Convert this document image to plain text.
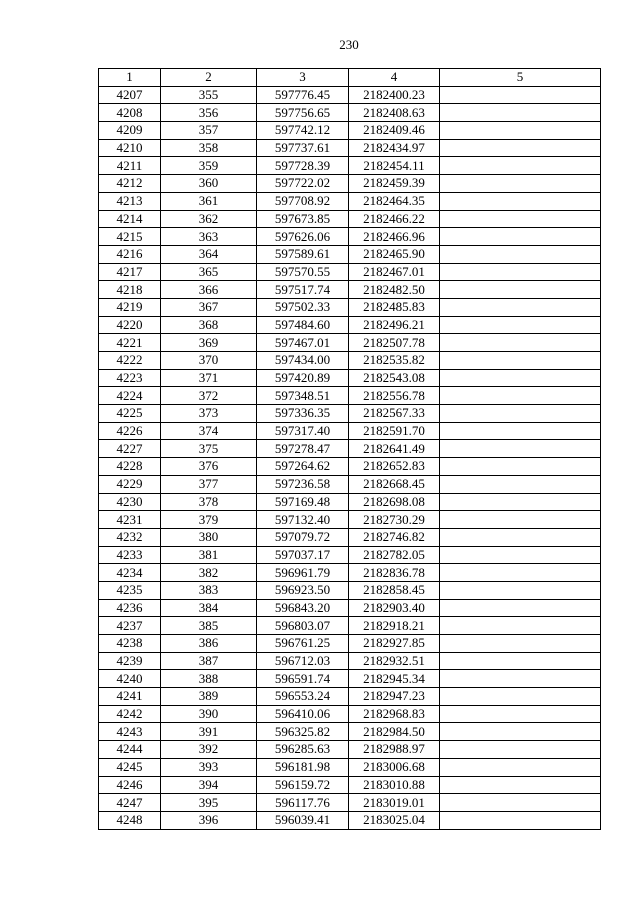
230
1	2	3	4	5
4207	355	597776.45	2182400.23	
4208	356	597756.65	2182408.63	
4209	357	597742.12	2182409.46	
4210	358	597737.61	2182434.97	
4211	359	597728.39	2182454.11	
4212	360	597722.02	2182459.39	
4213	361	597708.92	2182464.35	
4214	362	597673.85	2182466.22	
4215	363	597626.06	2182466.96	
4216	364	597589.61	2182465.90	
4217	365	597570.55	2182467.01	
4218	366	597517.74	2182482.50	
4219	367	597502.33	2182485.83	
4220	368	597484.60	2182496.21	
4221	369	597467.01	2182507.78	
4222	370	597434.00	2182535.82	
4223	371	597420.89	2182543.08	
4224	372	597348.51	2182556.78	
4225	373	597336.35	2182567.33	
4226	374	597317.40	2182591.70	
4227	375	597278.47	2182641.49	
4228	376	597264.62	2182652.83	
4229	377	597236.58	2182668.45	
4230	378	597169.48	2182698.08	
4231	379	597132.40	2182730.29	
4232	380	597079.72	2182746.82	
4233	381	597037.17	2182782.05	
4234	382	596961.79	2182836.78	
4235	383	596923.50	2182858.45	
4236	384	596843.20	2182903.40	
4237	385	596803.07	2182918.21	
4238	386	596761.25	2182927.85	
4239	387	596712.03	2182932.51	
4240	388	596591.74	2182945.34	
4241	389	596553.24	2182947.23	
4242	390	596410.06	2182968.83	
4243	391	596325.82	2182984.50	
4244	392	596285.63	2182988.97	
4245	393	596181.98	2183006.68	
4246	394	596159.72	2183010.88	
4247	395	596117.76	2183019.01	
4248	396	596039.41	2183025.04	
